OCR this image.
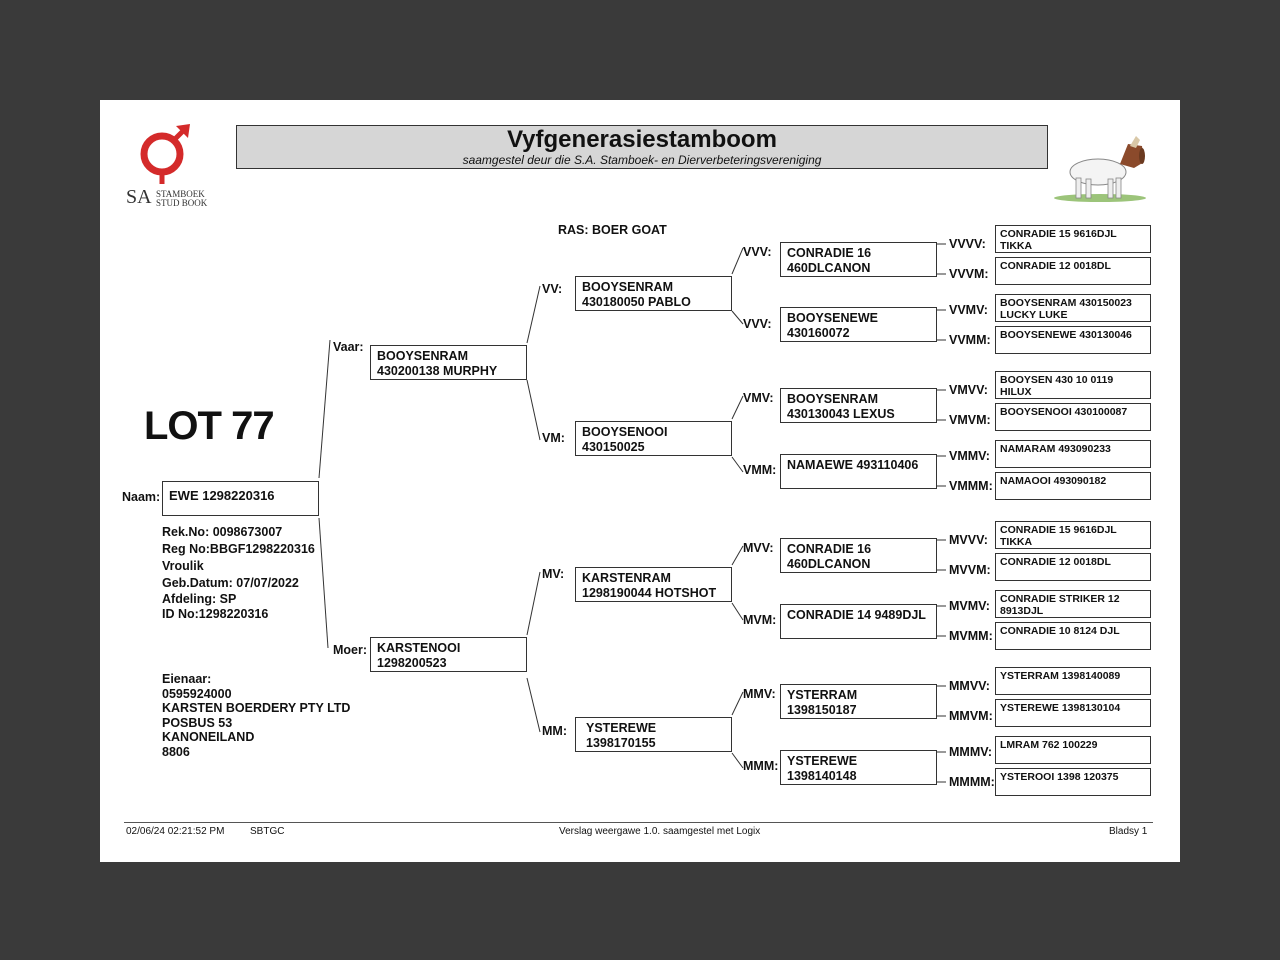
SA STAMBOEK
STUD BOOK
Vyfgenerasiestamboom
saamgestel deur die S.A. Stamboek- en Dierverbeteringsvereniging
RAS: BOER GOAT
LOT 77
Naam: EWE 1298220316
Rek.No: 0098673007
Reg No:BBGF1298220316
Vroulik
Geb.Datum: 07/07/2022
Afdeling: SP
ID No:1298220316
Eienaar:
0595924000
KARSTEN BOERDERY PTY LTD
POSBUS 53
KANONEILAND
8806
Vaar:
BOOYSENRAM
430200138 MURPHY
Moer: KARSTENOOI
1298200523
VV: BOOYSENRAM
430180050 PABLO
VM: BOOYSENOOI
430150025
MV: KARSTENRAM
1298190044 HOTSHOT
MM: YSTEREWE
1398170155
VVV:
VVV:
VMV:
VMM:
MVV:
MVM:
MMV:
MMM:
CONRADIE 16
460DLCANON
BOOYSENEWE
430160072
BOOYSENRAM
430130043 LEXUS
NAMAEWE 493110406
CONRADIE 16
460DLCANON
CONRADIE 14 9489DJL
YSTERRAM
1398150187
YSTEREWE
1398140148
VVVV:
VVVM:
VVMV:
VVMM:
VMVV:
VMVM:
VMMV:
VMMM:
MVVV:
MVVM:
MVMV:
MVMM:
MMVV:
MMVM:
MMMV:
MMMM:
CONRADIE 15 9616DJL TIKKA
CONRADIE 12 0018DL
BOOYSENRAM 430150023 LUCKY LUKE
BOOYSENEWE 430130046
BOOYSEN 430 10 0119 HILUX
BOOYSENOOI 430100087
NAMARAM 493090233
NAMAOOI 493090182
CONRADIE 15 9616DJL TIKKA
CONRADIE 12 0018DL
CONRADIE STRIKER 12 8913DJL
CONRADIE 10 8124 DJL
YSTERRAM 1398140089
YSTEREWE 1398130104
LMRAM 762 100229
YSTEROOI 1398 120375
02/06/24 02:21:52 PM	SBTGC	Verslag weergawe 1.0. saamgestel met Logix	Bladsy 1
